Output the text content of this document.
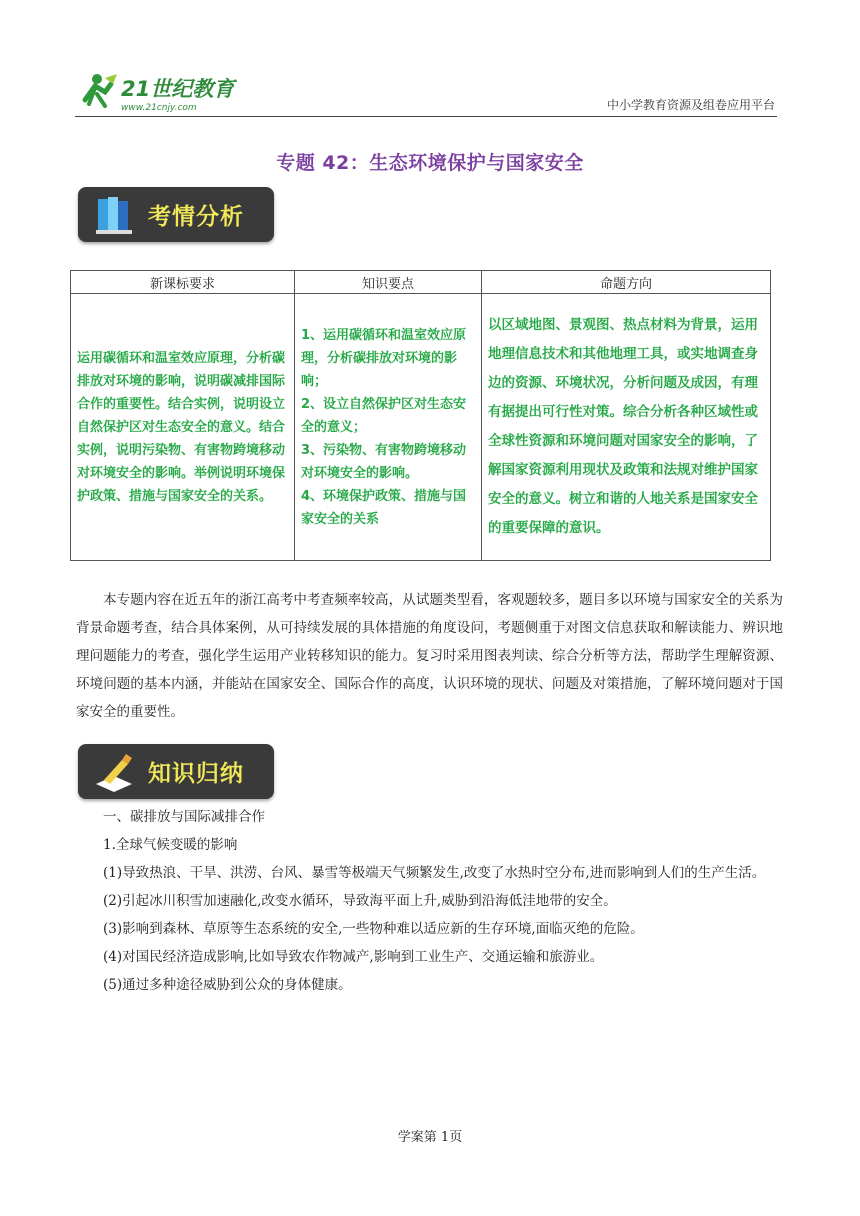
21世纪教育
www.21cnjy.com	中小学教育资源及组卷应用平台
专题 42：生态环境保护与国家安全
考情分析
新课标要求	知识要点	命题方向
运用碳循环和温室效应原理，分析碳排放对环境的影响，说明碳减排国际合作的重要性。结合实例，说明设立自然保护区对生态安全的意义。结合实例，说明污染物、有害物跨境移动对环境安全的影响。举例说明环境保护政策、措施与国家安全的关系。	1、运用碳循环和温室效应原理，分析碳排放对环境的影响；
2、设立自然保护区对生态安全的意义；
3、污染物、有害物跨境移动对环境安全的影响。
4、环境保护政策、措施与国家安全的关系	以区域地图、景观图、热点材料为背景，运用地理信息技术和其他地理工具，或实地调查身边的资源、环境状况，分析问题及成因，有理有据提出可行性对策。综合分析各种区域性或全球性资源和环境问题对国家安全的影响，了解国家资源利用现状及政策和法规对维护国家安全的意义。树立和谐的人地关系是国家安全的重要保障的意识。
本专题内容在近五年的浙江高考中考查频率较高，从试题类型看，客观题较多，题目多以环境与国家安全的关系为背景命题考查，结合具体案例，从可持续发展的具体措施的角度设问，考题侧重于对图文信息获取和解读能力、辨识地理问题能力的考查，强化学生运用产业转移知识的能力。复习时采用图表判读、综合分析等方法，帮助学生理解资源、环境问题的基本内涵，并能站在国家安全、国际合作的高度，认识环境的现状、问题及对策措施，了解环境问题对于国家安全的重要性。
知识归纳
一、碳排放与国际减排合作
1.全球气候变暖的影响
(1)导致热浪、干旱、洪涝、台风、暴雪等极端天气频繁发生,改变了水热时空分布,进而影响到人们的生产生活。
(2)引起冰川积雪加速融化,改变水循环，导致海平面上升,威胁到沿海低洼地带的安全。
(3)影响到森林、草原等生态系统的安全,一些物种难以适应新的生存环境,面临灭绝的危险。
(4)对国民经济造成影响,比如导致农作物减产,影响到工业生产、交通运输和旅游业。
(5)通过多种途径威胁到公众的身体健康。
学案第 1页
